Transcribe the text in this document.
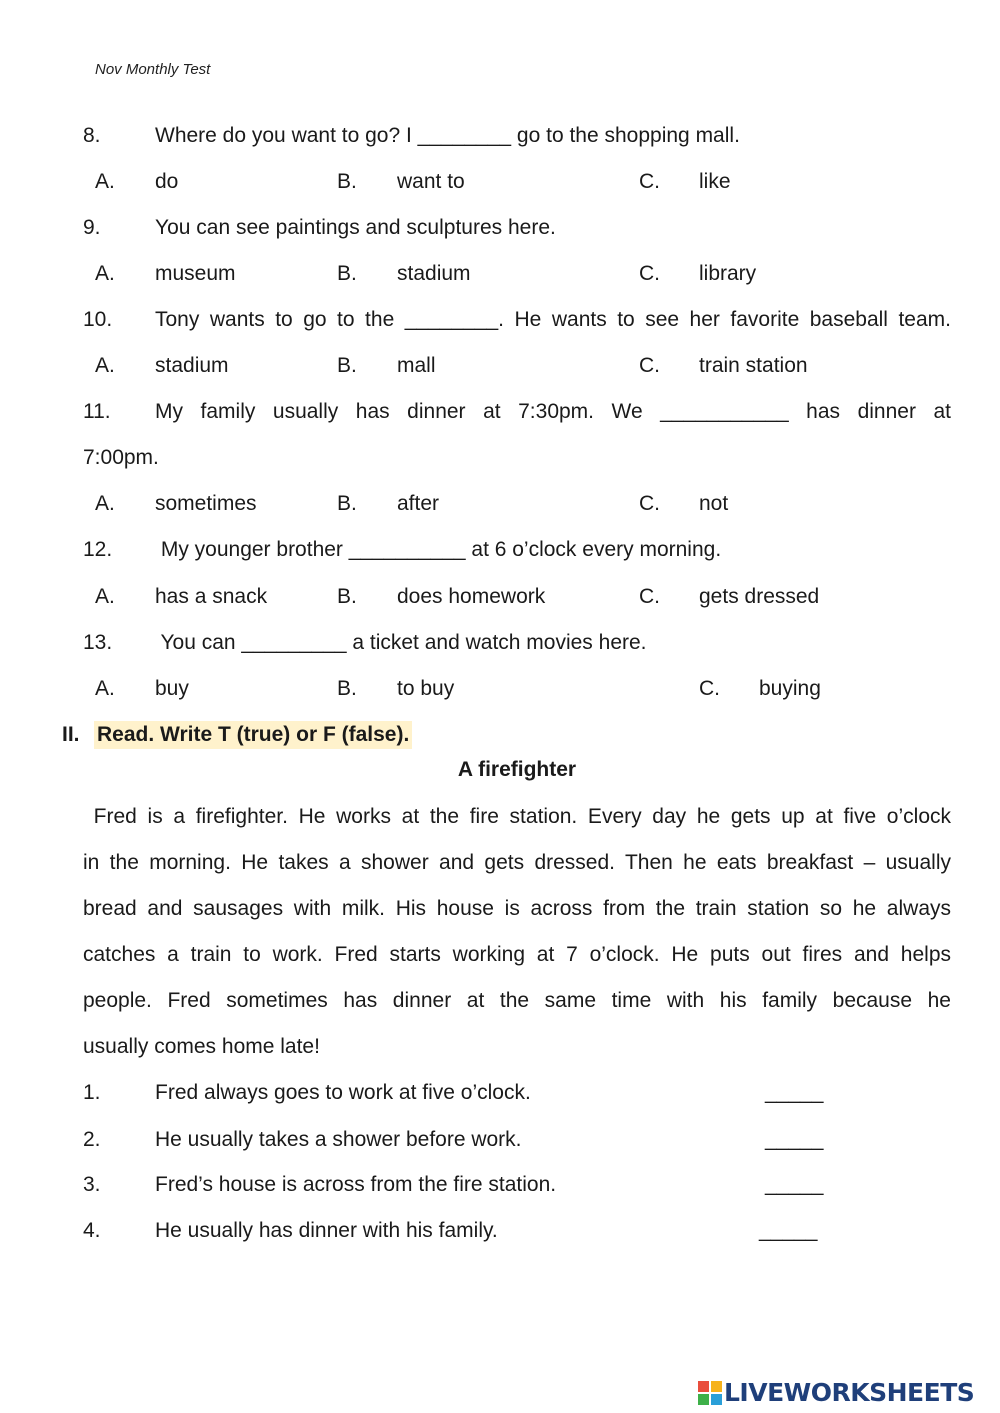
Nov Monthly Test
8.	Where do you want to go? I ________ go to the shopping mall.
A. do	B. want to	C. like
9.	You can see paintings and sculptures here.
A. museum	B. stadium	C. library
10. Tony wants to go to the ________. He wants to see her favorite baseball team.
A. stadium	B. mall	C. train station
11. My family usually has dinner at 7:30pm. We ___________ has dinner at
7:00pm.
A. sometimes	B. after	C. not
12. My younger brother __________ at 6 o’clock every morning.
A. has a snack	B. does homework	C. gets dressed
13. You can _________ a ticket and watch movies here.
A. buy	B. to buy	C. buying
II. Read. Write T (true) or F (false).
A firefighter
Fred is a firefighter. He works at the fire station. Every day he gets up at five o’clock
in the morning. He takes a shower and gets dressed. Then he eats breakfast – usually
bread and sausages with milk. His house is across from the train station so he always
catches a train to work. Fred starts working at 7 o’clock. He puts out fires and helps
people. Fred sometimes has dinner at the same time with his family because he
usually comes home late!
1.	Fred always goes to work at five o’clock.	_____
2.	He usually takes a shower before work.	_____
3.	Fred’s house is across from the fire station.	_____
4.	He usually has dinner with his family.	_____
LIVEWORKSHEETS
